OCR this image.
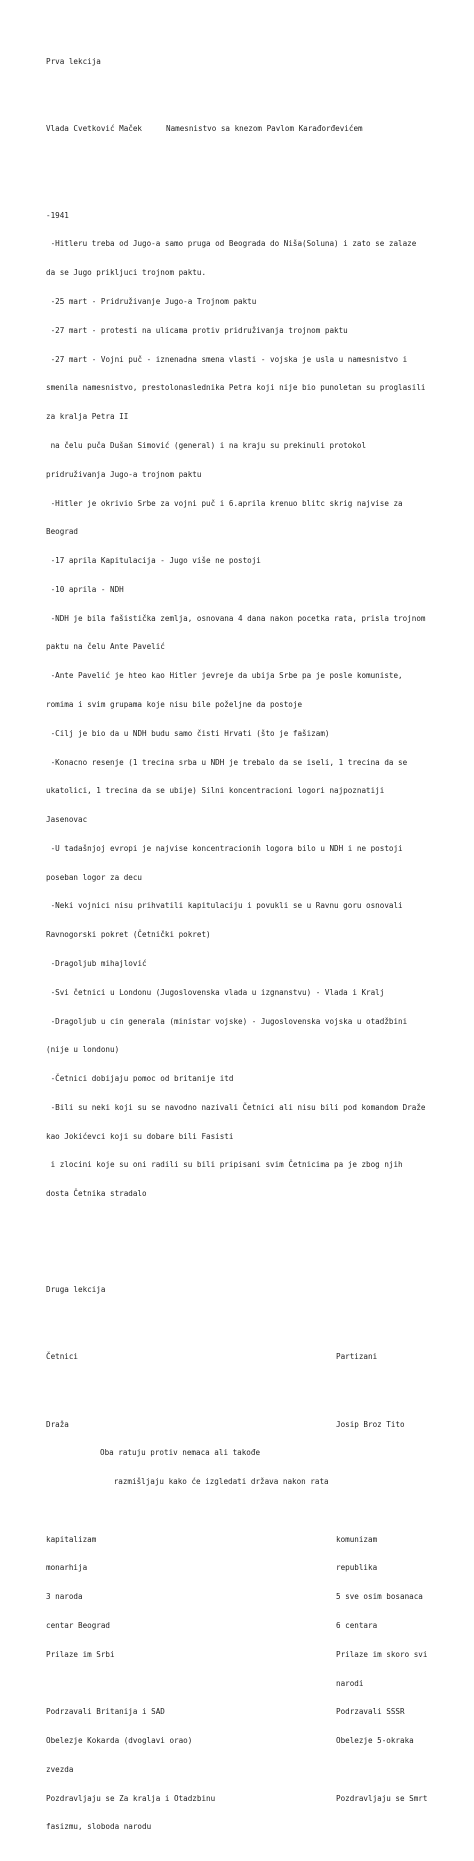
Prva lekcija

Vlada Cvetković Maček	Namesnistvo sa knezom Pavlom Karađorđevićem

-1941

-Hitleru treba od Jugo-a samo pruga od Beograda do Niša(Soluna) i zato se zalaze

da se Jugo prikljuci trojnom paktu.

-25 mart - Pridruživanje Jugo-a Trojnom paktu

-27 mart - protesti na ulicama protiv pridruživanja trojnom paktu

-27 mart - Vojni puč - iznenadna smena vlasti - vojska je usla u namesnistvo i

smenila namesnistvo, prestolonaslednika Petra koji nije bio punoletan su proglasili

za kralja Petra II

na čelu puča Dušan Simović (general) i na kraju su prekinuli protokol

pridruživanja Jugo-a trojnom paktu

-Hitler je okrivio Srbe za vojni puč i 6.aprila krenuo blitc skrig najvise za

Beograd

-17 aprila Kapitulacija - Jugo više ne postoji

-10 aprila - NDH

-NDH je bila fašistička zemlja, osnovana 4 dana nakon pocetka rata, prisla trojnom

paktu na čelu Ante Pavelić

-Ante Pavelić je hteo kao Hitler jevreje da ubija Srbe pa je posle komuniste,

romima i svim grupama koje nisu bile poželjne da postoje

-Cilj je bio da u NDH budu samo čisti Hrvati (što je fašizam)

-Konacno resenje (1 trecina srba u NDH je trebalo da se iseli, 1 trecina da se

ukatolici, 1 trecina da se ubije) Silni koncentracioni logori najpoznatiji

Jasenovac

-U tadašnjoj evropi je najvise koncentracionih logora bilo u NDH i ne postoji

poseban logor za decu

-Neki vojnici nisu prihvatili kapitulaciju i povukli se u Ravnu goru osnovali

Ravnogorski pokret (Četnički pokret)

-Dragoljub mihajlović

-Svi četnici u Londonu (Jugoslovenska vlada u izgnanstvu) - Vlada i Kralj

-Dragoljub u cin generala (ministar vojske) - Jugoslovenska vojska u otadžbini

(nije u londonu)

-Četnici dobijaju pomoc od britanije itd

-Bili su neki koji su se navodno nazivali Četnici ali nisu bili pod komandom Draže

kao Jokićevci koji su dobare bili Fasisti

i zlocini koje su oni radili su bili pripisani svim Četnicima pa je zbog njih

dosta Četnika stradalo

Druga lekcija

Četnici	Partizani

Draža	Josip Broz Tito

Oba ratuju protiv nemaca ali takođe

razmišljaju kako će izgledati država nakon rata

kapitalizam	komunizam

monarhija	republika

3 naroda	5 sve osim bosanaca

centar Beograd	6 centara

Prilaze im Srbi	Prilaze im skoro svi

narodi

Podrzavali Britanija i SAD	Podrzavali SSSR

Obelezje Kokarda (dvoglavi orao)	Obelezje 5-okraka

zvezda

Pozdravljaju se Za kralja i Otadzbinu	Pozdravljaju se Smrt

fasizmu, sloboda narodu
